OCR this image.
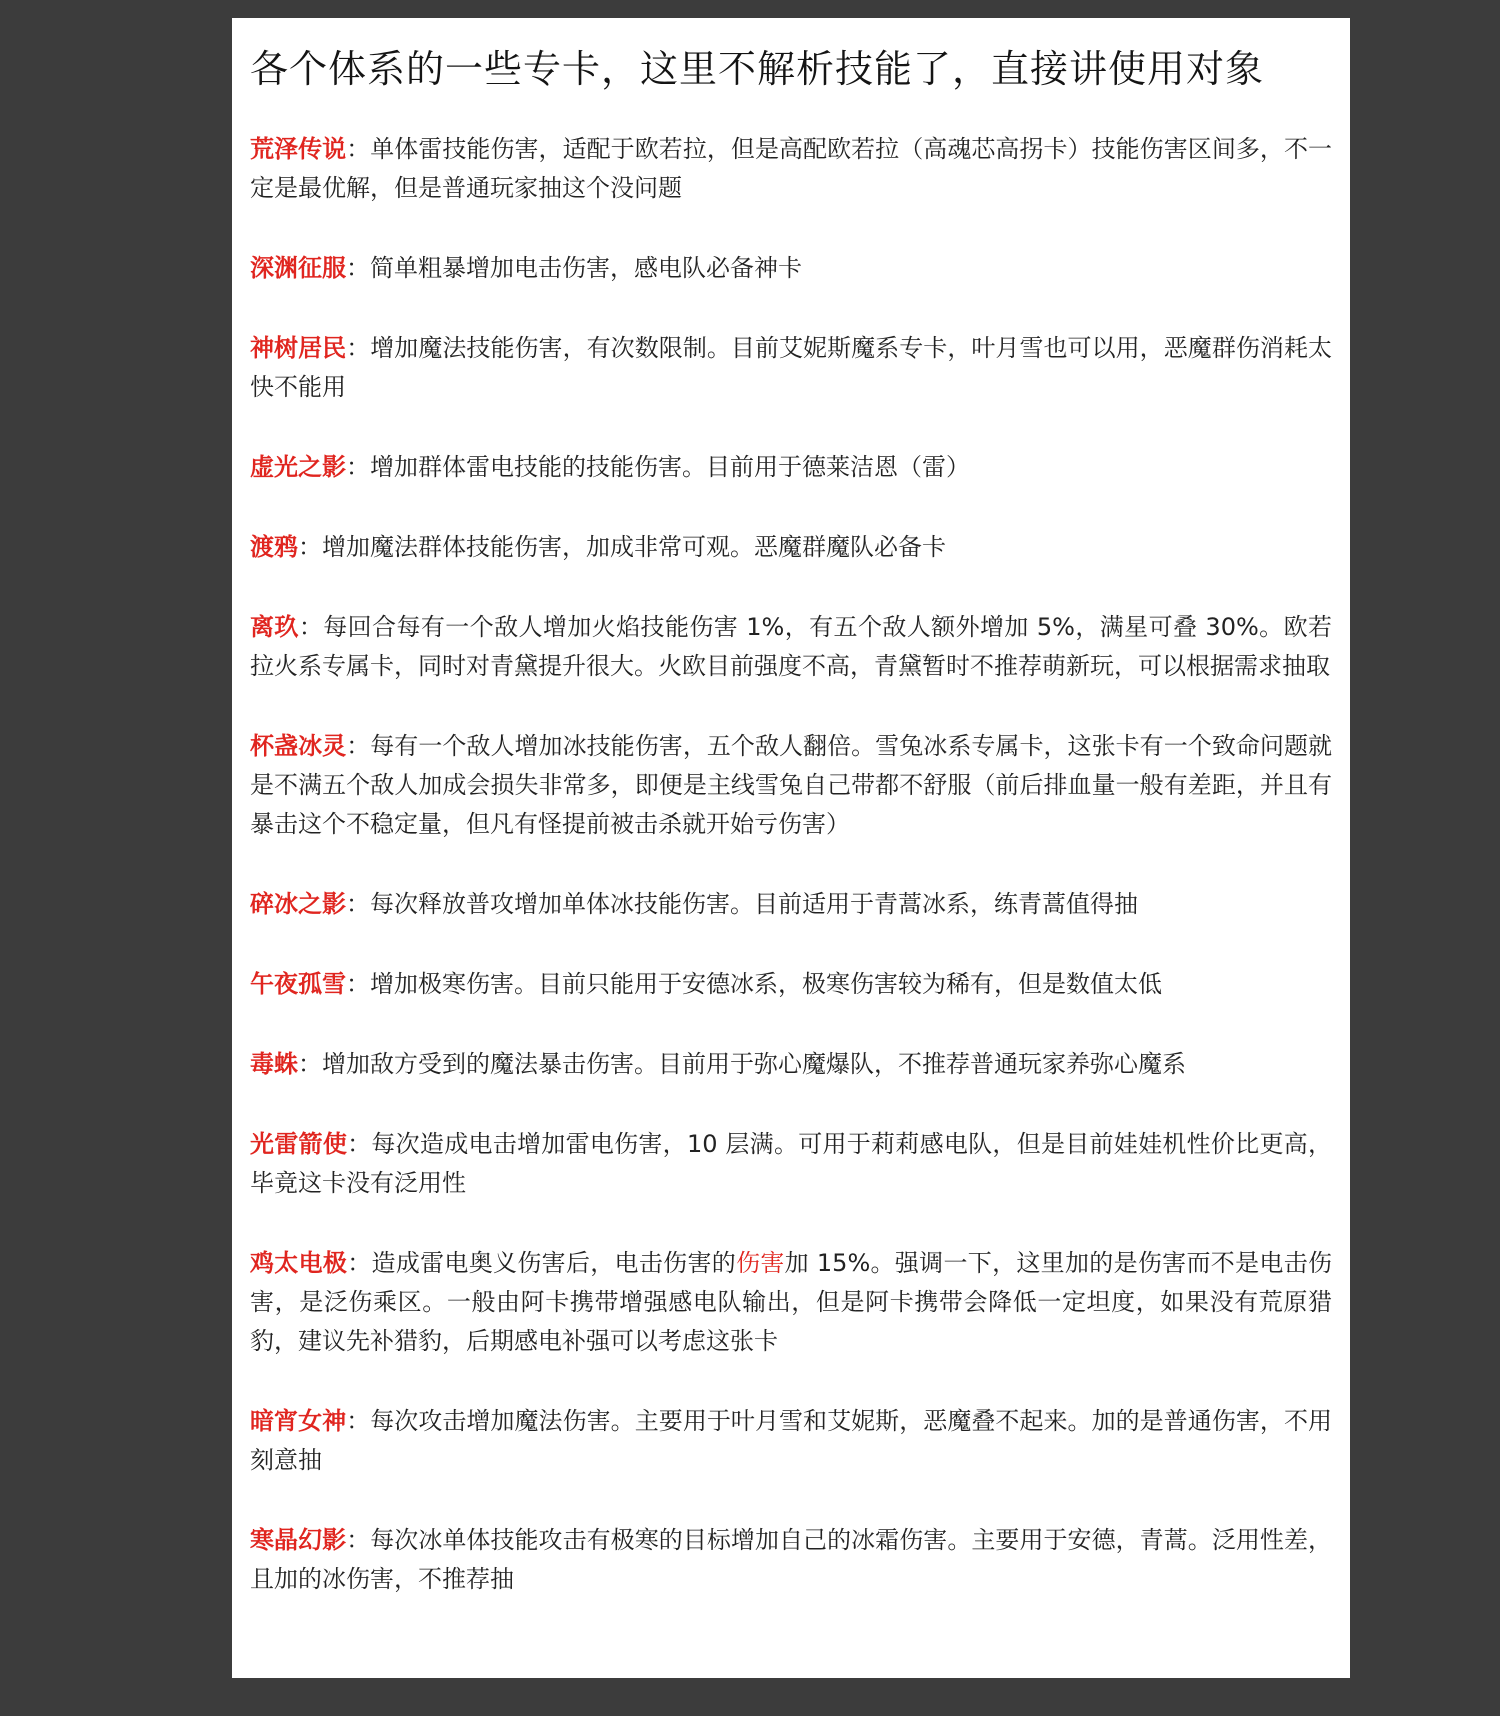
各个体系的一些专卡，这里不解析技能了，直接讲使用对象

荒泽传说：单体雷技能伤害，适配于欧若拉，但是高配欧若拉（高魂芯高拐卡）技能伤害区间多，不一定是最优解，但是普通玩家抽这个没问题

深渊征服：简单粗暴增加电击伤害，感电队必备神卡

神树居民：增加魔法技能伤害，有次数限制。目前艾妮斯魔系专卡，叶月雪也可以用，恶魔群伤消耗太快不能用

虚光之影：增加群体雷电技能的技能伤害。目前用于德莱洁恩（雷）

渡鸦：增加魔法群体技能伤害，加成非常可观。恶魔群魔队必备卡

离玖：每回合每有一个敌人增加火焰技能伤害 1%，有五个敌人额外增加 5%，满星可叠 30%。欧若拉火系专属卡，同时对青黛提升很大。火欧目前强度不高，青黛暂时不推荐萌新玩，可以根据需求抽取

杯盏冰灵：每有一个敌人增加冰技能伤害，五个敌人翻倍。雪兔冰系专属卡，这张卡有一个致命问题就是不满五个敌人加成会损失非常多，即便是主线雪兔自己带都不舒服（前后排血量一般有差距，并且有暴击这个不稳定量，但凡有怪提前被击杀就开始亏伤害）

碎冰之影：每次释放普攻增加单体冰技能伤害。目前适用于青蒿冰系，练青蒿值得抽

午夜孤雪：增加极寒伤害。目前只能用于安德冰系，极寒伤害较为稀有，但是数值太低

毒蛛：增加敌方受到的魔法暴击伤害。目前用于弥心魔爆队，不推荐普通玩家养弥心魔系

光雷箭使：每次造成电击增加雷电伤害，10 层满。可用于莉莉感电队，但是目前娃娃机性价比更高，毕竟这卡没有泛用性

鸡太电极：造成雷电奥义伤害后，电击伤害的伤害加 15%。强调一下，这里加的是伤害而不是电击伤害，是泛伤乘区。一般由阿卡携带增强感电队输出，但是阿卡携带会降低一定坦度，如果没有荒原猎豹，建议先补猎豹，后期感电补强可以考虑这张卡

暗宵女神：每次攻击增加魔法伤害。主要用于叶月雪和艾妮斯，恶魔叠不起来。加的是普通伤害，不用刻意抽

寒晶幻影：每次冰单体技能攻击有极寒的目标增加自己的冰霜伤害。主要用于安德，青蒿。泛用性差，且加的冰伤害，不推荐抽
